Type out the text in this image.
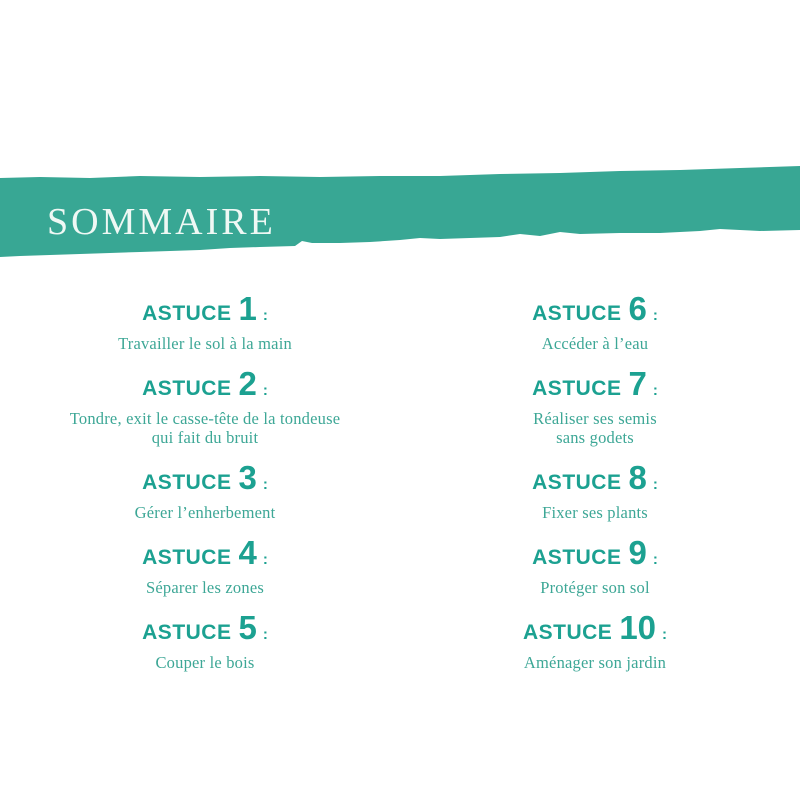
SOMMAIRE
ASTUCE 1 :
Travailler le sol à la main
ASTUCE 2 :
Tondre, exit le casse-tête de la tondeuse
qui fait du bruit
ASTUCE 3 :
Gérer l’enherbement
ASTUCE 4 :
Séparer les zones
ASTUCE 5 :
Couper le bois
ASTUCE 6 :
Accéder à l’eau
ASTUCE 7 :
Réaliser ses semis
sans godets
ASTUCE 8 :
Fixer ses plants
ASTUCE 9 :
Protéger son sol
ASTUCE 10 :
Aménager son jardin
